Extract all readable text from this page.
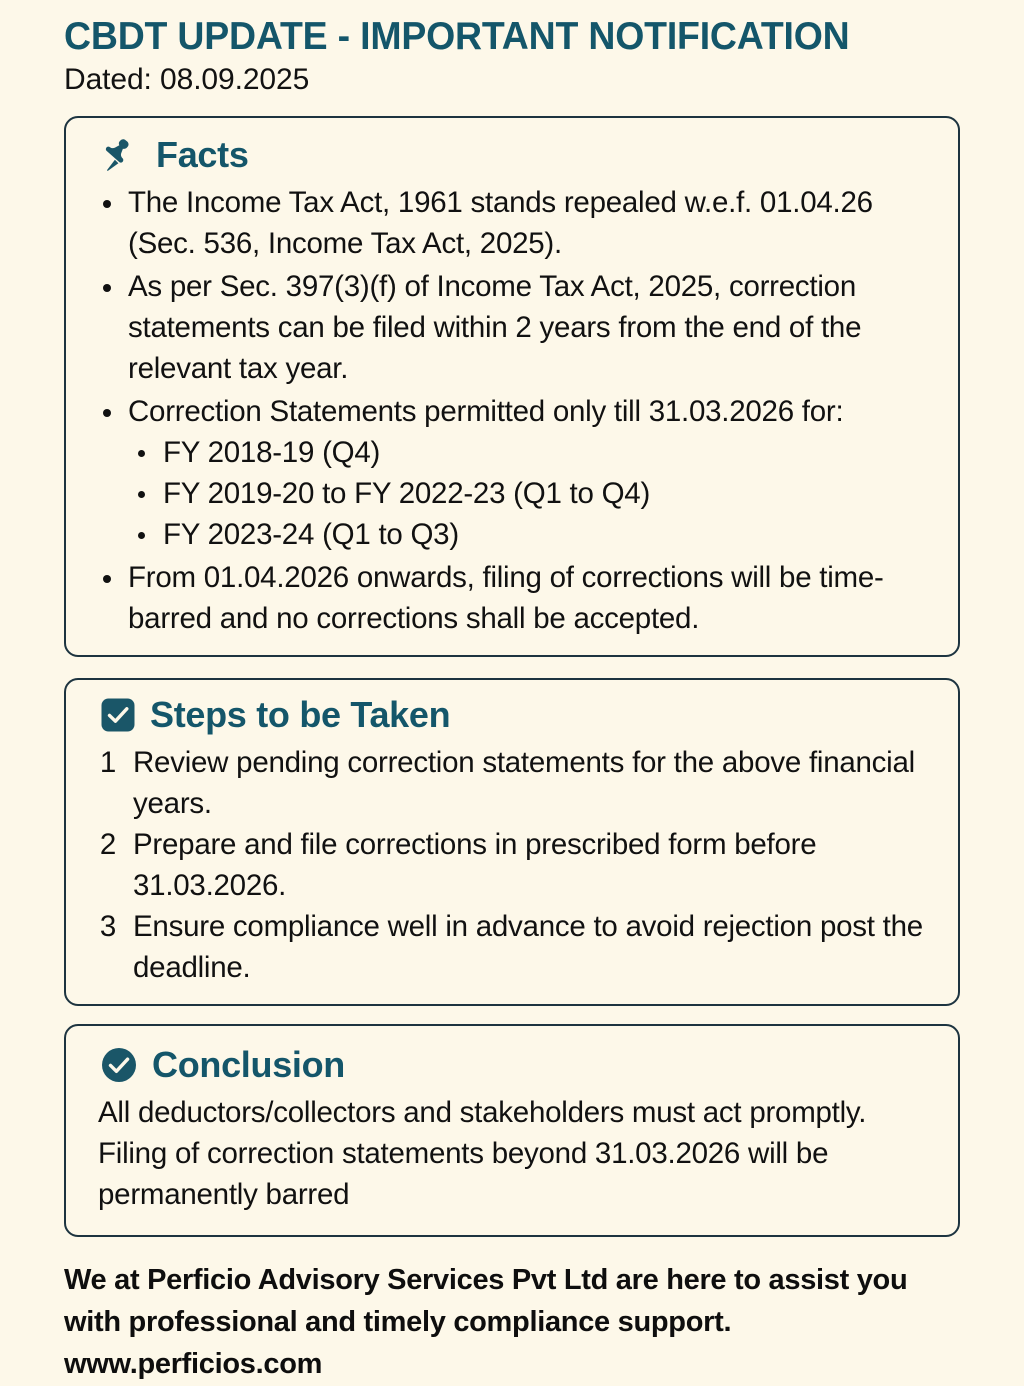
CBDT UPDATE - IMPORTANT NOTIFICATION
Dated: 08.09.2025
Facts
The Income Tax Act, 1961 stands repealed w.e.f. 01.04.26 (Sec. 536, Income Tax Act, 2025).
As per Sec. 397(3)(f) of Income Tax Act, 2025, correction statements can be filed within 2 years from the end of the relevant tax year.
Correction Statements permitted only till 31.03.2026 for:
FY 2018-19 (Q4)
FY 2019-20 to FY 2022-23 (Q1 to Q4)
FY 2023-24 (Q1 to Q3)
From 01.04.2026 onwards, filing of corrections will be time-barred and no corrections shall be accepted.
Steps to be Taken
Review pending correction statements for the above financial years.
Prepare and file corrections in prescribed form before 31.03.2026.
Ensure compliance well in advance to avoid rejection post the deadline.
Conclusion

All deductors/collectors and stakeholders must act promptly. Filing of correction statements beyond 31.03.2026 will be permanently barred

We at Perficio Advisory Services Pvt Ltd are here to assist you
with professional and timely compliance support.
www.perficios.com
